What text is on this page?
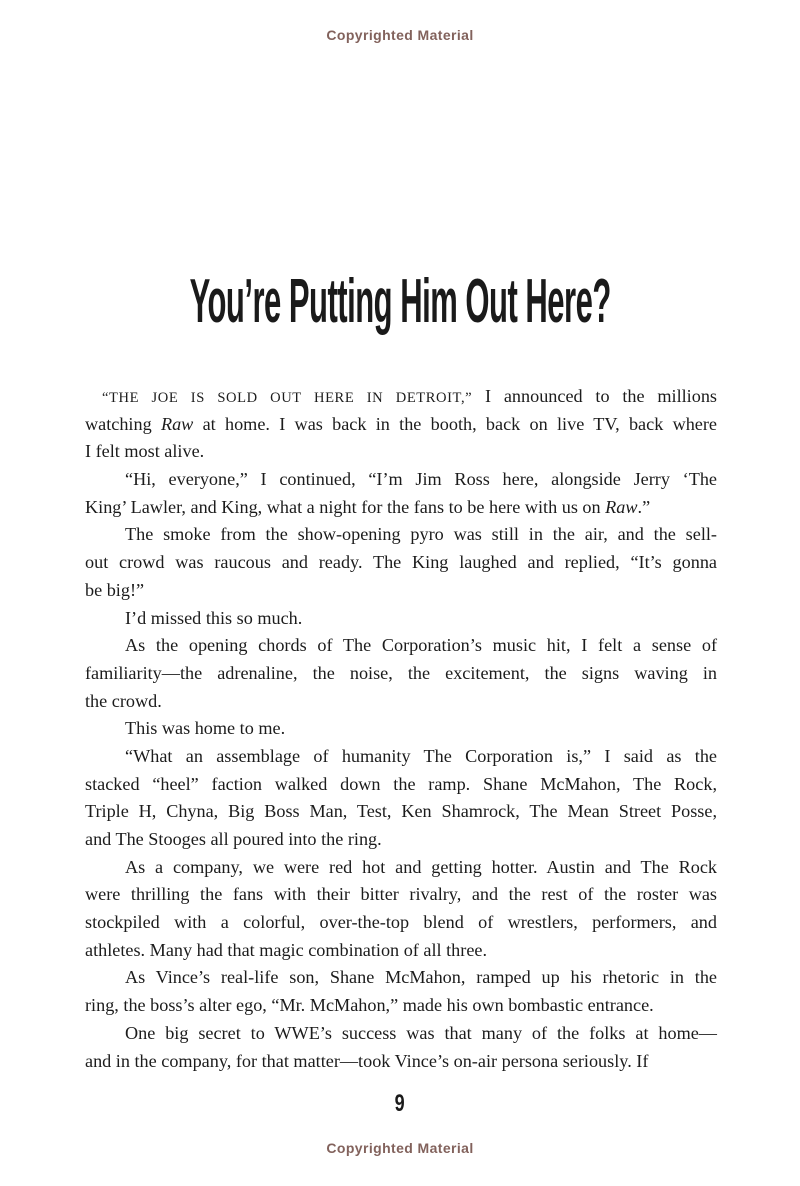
Copyrighted Material
You’re Putting Him Out Here?
“THE JOE IS SOLD OUT HERE IN DETROIT,” I announced to the millions
watching Raw at home. I was back in the booth, back on live TV, back where
I felt most alive.
“Hi, everyone,” I continued, “I’m Jim Ross here, alongside Jerry ‘The
King’ Lawler, and King, what a night for the fans to be here with us on Raw.”
The smoke from the show-opening pyro was still in the air, and the sell-
out crowd was raucous and ready. The King laughed and replied, “It’s gonna
be big!”
I’d missed this so much.
As the opening chords of The Corporation’s music hit, I felt a sense of
familiarity—the adrenaline, the noise, the excitement, the signs waving in
the crowd.
This was home to me.
“What an assemblage of humanity The Corporation is,” I said as the
stacked “heel” faction walked down the ramp. Shane McMahon, The Rock,
Triple H, Chyna, Big Boss Man, Test, Ken Shamrock, The Mean Street Posse,
and The Stooges all poured into the ring.
As a company, we were red hot and getting hotter. Austin and The Rock
were thrilling the fans with their bitter rivalry, and the rest of the roster was
stockpiled with a colorful, over-the-top blend of wrestlers, performers, and
athletes. Many had that magic combination of all three.
As Vince’s real-life son, Shane McMahon, ramped up his rhetoric in the
ring, the boss’s alter ego, “Mr. McMahon,” made his own bombastic entrance.
One big secret to WWE’s success was that many of the folks at home—
and in the company, for that matter—took Vince’s on-air persona seriously. If
9
Copyrighted Material
